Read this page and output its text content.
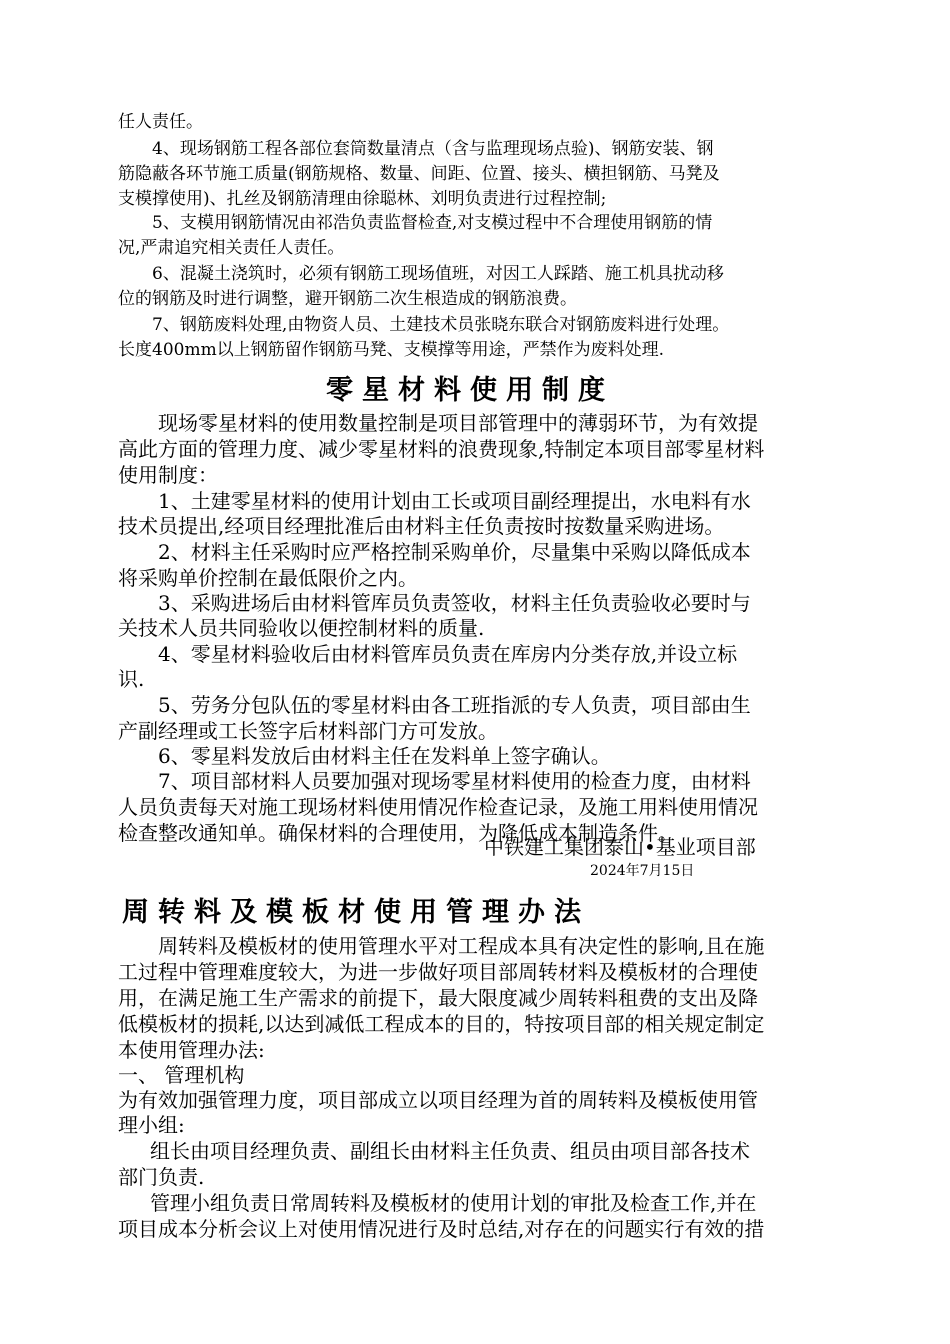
任人责任。

4、现场钢筋工程各部位套筒数量清点（含与监理现场点验)、钢筋安装、钢

筋隐蔽各环节施工质量(钢筋规格、数量、间距、位置、接头、横担钢筋、马凳及

支模撑使用)、扎丝及钢筋清理由徐聪林、刘明负责进行过程控制;

5、支模用钢筋情况由祁浩负责监督检查,对支模过程中不合理使用钢筋的情

况,严肃追究相关责任人责任。

6、混凝土浇筑时，必须有钢筋工现场值班，对因工人踩踏、施工机具扰动移

位的钢筋及时进行调整，避开钢筋二次生根造成的钢筋浪费。

7、钢筋废料处理,由物资人员、土建技术员张晓东联合对钢筋废料进行处理。

长度400mm以上钢筋留作钢筋马凳、支模撑等用途，严禁作为废料处理.

零星材料使用制度

现场零星材料的使用数量控制是项目部管理中的薄弱环节，为有效提

高此方面的管理力度、减少零星材料的浪费现象,特制定本项目部零星材料

使用制度：

1、土建零星材料的使用计划由工长或项目副经理提出，水电料有水

技术员提出,经项目经理批准后由材料主任负责按时按数量采购进场。

2、材料主任采购时应严格控制采购单价，尽量集中采购以降低成本

将采购单价控制在最低限价之内。

3、采购进场后由材料管库员负责签收，材料主任负责验收必要时与

关技术人员共同验收以便控制材料的质量.

4、零星材料验收后由材料管库员负责在库房内分类存放,并设立标

识.

5、劳务分包队伍的零星材料由各工班指派的专人负责，项目部由生

产副经理或工长签字后材料部门方可发放。

6、零星料发放后由材料主任在发料单上签字确认。

7、项目部材料人员要加强对现场零星材料使用的检查力度，由材料

人员负责每天对施工现场材料使用情况作检查记录，及施工用料使用情况

检查整改通知单。确保材料的合理使用，为降低成本制造条件。

中铁建工集团泰山•基业项目部
2024年7月15日
周转料及模板材使用管理办法

周转料及模板材的使用管理水平对工程成本具有决定性的影响,且在施

工过程中管理难度较大，为进一步做好项目部周转材料及模板材的合理使

用，在满足施工生产需求的前提下，最大限度减少周转料租费的支出及降

低模板材的损耗,以达到减低工程成本的目的，特按项目部的相关规定制定

本使用管理办法:

一、 管理机构

为有效加强管理力度，项目部成立以项目经理为首的周转料及模板使用管

理小组:

组长由项目经理负责、副组长由材料主任负责、组员由项目部各技术

部门负责.

管理小组负责日常周转料及模板材的使用计划的审批及检查工作,并在

项目成本分析会议上对使用情况进行及时总结,对存在的问题实行有效的措
